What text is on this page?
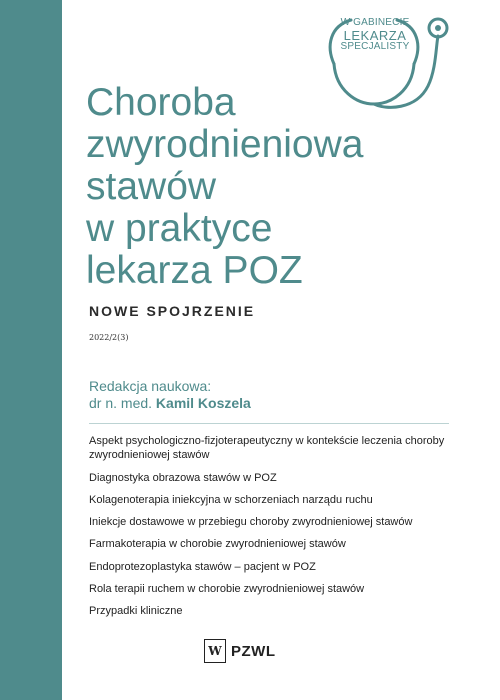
W GABINECIE
LEKARZA
SPECJALISTY
Choroba
zwyrodnieniowa
stawów
w praktyce
lekarza POZ
NOWE SPOJRZENIE
2022/2(3)
Redakcja naukowa:
dr n. med. Kamil Koszela
Aspekt psychologiczno-fizjoterapeutyczny w kontekście leczenia choroby zwyrodnieniowej stawów
Diagnostyka obrazowa stawów w POZ
Kolagenoterapia iniekcyjna w schorzeniach narządu ruchu
Iniekcje dostawowe w przebiegu choroby zwyrodnieniowej stawów
Farmakoterapia w chorobie zwyrodnieniowej stawów
Endoprotezoplastyka stawów – pacjent w POZ
Rola terapii ruchem w chorobie zwyrodnieniowej stawów
Przypadki kliniczne
W PZWL
